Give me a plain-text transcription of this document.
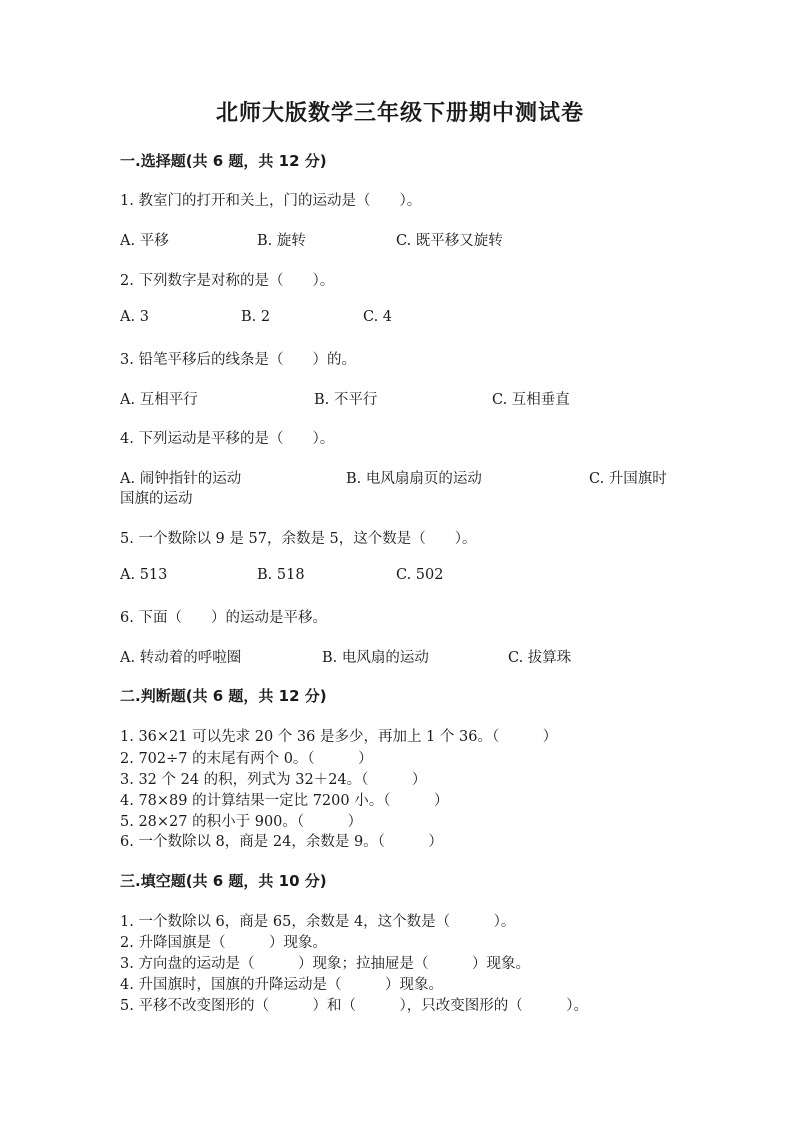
北师大版数学三年级下册期中测试卷
一.选择题(共 6 题，共 12 分)
1. 教室门的打开和关上，门的运动是（　　）。
A. 平移	B. 旋转	C. 既平移又旋转
2. 下列数字是对称的是（　　）。
A. 3	B. 2	C. 4
3. 铅笔平移后的线条是（　　）的。
A. 互相平行	B. 不平行	C. 互相垂直
4. 下列运动是平移的是（　　）。
A. 闹钟指针的运动	B. 电风扇扇页的运动	C. 升国旗时
国旗的运动
5. 一个数除以 9 是 57，余数是 5，这个数是（　　）。
A. 513	B. 518	C. 502
6. 下面（　　）的运动是平移。
A. 转动着的呼啦圈	B. 电风扇的运动	C. 拔算珠
二.判断题(共 6 题，共 12 分)
1. 36×21 可以先求 20 个 36 是多少，再加上 1 个 36。（　　　）
2. 702÷7 的末尾有两个 0。（　　　）
3. 32 个 24 的积，列式为 32＋24。（　　　）
4. 78×89 的计算结果一定比 7200 小。（　　　）
5. 28×27 的积小于 900。（　　　）
6. 一个数除以 8，商是 24，余数是 9。（　　　）
三.填空题(共 6 题，共 10 分)
1. 一个数除以 6，商是 65，余数是 4，这个数是（　　　）。
2. 升降国旗是（　　　）现象。
3. 方向盘的运动是（　　　）现象；拉抽屉是（　　　）现象。
4. 升国旗时，国旗的升降运动是（　　　）现象。
5. 平移不改变图形的（　　　）和（　　　），只改变图形的（　　　）。
